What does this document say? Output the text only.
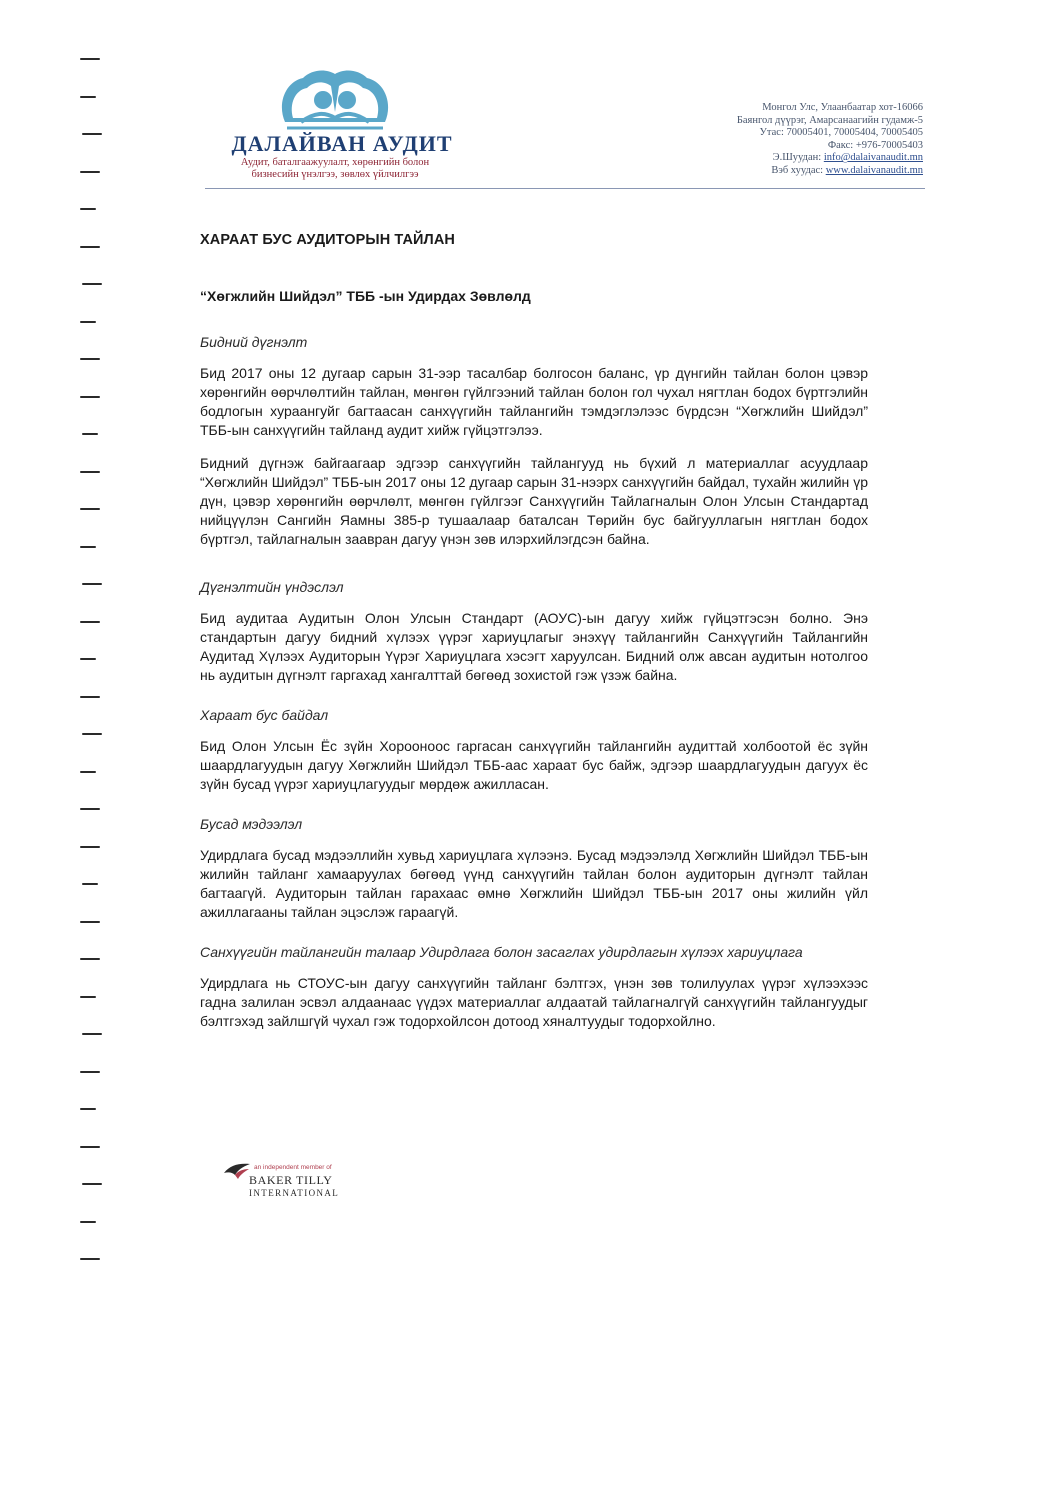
ДАЛАЙВАН АУДИТ
Аудит, баталгаажуулалт, хөрөнгийн болон
бизнесийн үнэлгээ, зөвлөх үйлчилгээ
Монгол Улс, Улаанбаатар хот-16066
Баянгол дүүрэг, Амарсанаагийн гудамж-5
Утас: 70005401, 70005404, 70005405
Факс: +976-70005403
Э.Шуудан: info@dalaivanaudit.mn
Вэб хуудас: www.dalaivanaudit.mn
ХАРААТ БУС АУДИТОРЫН ТАЙЛАН
“Хөгжлийн Шийдэл” ТББ -ын Удирдах Зөвлөлд
Бидний дүгнэлт

Бид 2017 оны 12 дугаар сарын 31-ээр тасалбар болгосон баланс, үр дүнгийн тайлан болон цэвэр хөрөнгийн өөрчлөлтийн тайлан, мөнгөн гүйлгээний тайлан болон гол чухал нягтлан бодох бүртгэлийн бодлогын хураангуйг багтаасан санхүүгийн тайлангийн тэмдэглэлээс бүрдсэн “Хөгжлийн Шийдэл” ТББ-ын санхүүгийн тайланд аудит хийж гүйцэтгэлээ.

Бидний дүгнэж байгаагаар эдгээр санхүүгийн тайлангууд нь бүхий л материаллаг асуудлаар “Хөгжлийн Шийдэл” ТББ-ын 2017 оны 12 дугаар сарын 31-нээрх санхүүгийн байдал, тухайн жилийн үр дүн, цэвэр хөрөнгийн өөрчлөлт, мөнгөн гүйлгээг Санхүүгийн Тайлагналын Олон Улсын Стандартад нийцүүлэн Сангийн Яамны 385-р тушаалаар баталсан Төрийн бус байгууллагын нягтлан бодох бүртгэл, тайлагналын заавран дагуу үнэн зөв илэрхийлэгдсэн байна.

Дүгнэлтийн үндэслэл

Бид аудитаа Аудитын Олон Улсын Стандарт (АОУС)-ын дагуу хийж гүйцэтгэсэн болно. Энэ стандартын дагуу бидний хүлээх үүрэг хариуцлагыг энэхүү тайлангийн Санхүүгийн Тайлангийн Аудитад Хүлээх Аудиторын Үүрэг Хариуцлага хэсэгт харуулсан. Бидний олж авсан аудитын нотолгоо нь аудитын дүгнэлт гаргахад хангалттай бөгөөд зохистой гэж үзэж байна.

Хараат бус байдал

Бид Олон Улсын Ёс зүйн Хорооноос гаргасан санхүүгийн тайлангийн аудиттай холбоотой ёс зүйн шаардлагуудын дагуу Хөгжлийн Шийдэл ТББ-аас хараат бус байж, эдгээр шаардлагуудын дагуух ёс зүйн бусад үүрэг хариуцлагуудыг мөрдөж ажилласан.

Бусад мэдээлэл

Удирдлага бусад мэдээллийн хувьд хариуцлага хүлээнэ. Бусад мэдээлэлд Хөгжлийн Шийдэл ТББ-ын жилийн тайланг хамааруулах бөгөөд үүнд санхүүгийн тайлан болон аудиторын дүгнэлт тайлан багтаагүй. Аудиторын тайлан гарахаас өмнө Хөгжлийн Шийдэл ТББ-ын 2017 оны жилийн үйл ажиллагааны тайлан эцэслэж гараагүй.

Санхүүгийн тайлангийн талаар Удирдлага болон засаглах удирдлагын хүлээх хариуцлага

Удирдлага нь СТОУС-ын дагуу санхүүгийн тайланг бэлтгэх, үнэн зөв толилуулах үүрэг хүлээхээс гадна залилан эсвэл алдаанаас үүдэх материаллаг алдаатай тайлагналгүй санхүүгийн тайлангуудыг бэлтгэхэд зайлшгүй чухал гэж тодорхойлсон дотоод хяналтуудыг тодорхойлно.

an independent member of
BAKER TILLY
INTERNATIONAL
